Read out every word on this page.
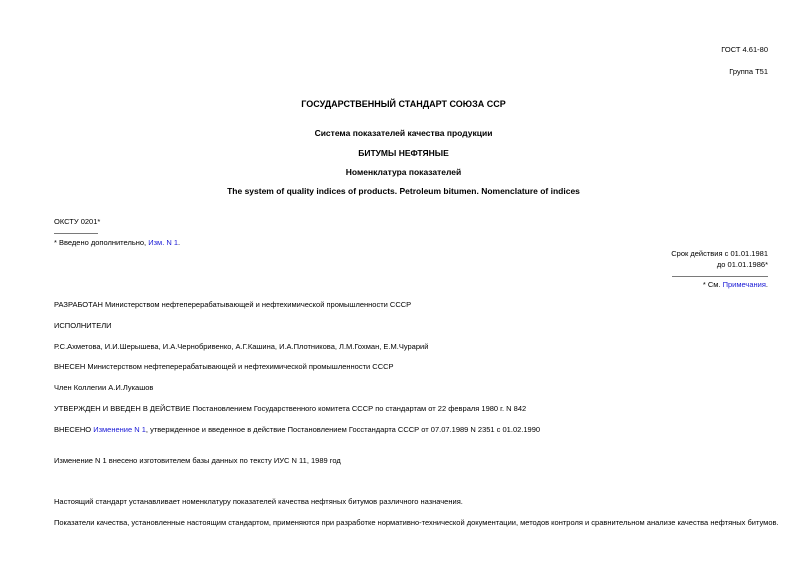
ГОСТ 4.61-80
Группа Т51
ГОСУДАРСТВЕННЫЙ СТАНДАРТ СОЮЗА ССР
Система показателей качества продукции
БИТУМЫ НЕФТЯНЫЕ
Номенклатура показателей
The system of quality indices of products. Petroleum bitumen. Nomenclature of indices
ОКСТУ 0201*
* Введено дополнительно, Изм. N 1.
Срок действия с 01.01.1981
до 01.01.1986*
* См. Примечания.
РАЗРАБОТАН Министерством нефтеперерабатывающей и нефтехимической промышленности СССР
ИСПОЛНИТЕЛИ
Р.С.Ахметова, И.И.Шерышева, И.А.Чернобривенко, А.Г.Кашина, И.А.Плотникова, Л.М.Гохман, Е.М.Чурарий
ВНЕСЕН Министерством нефтеперерабатывающей и нефтехимической промышленности СССР
Член Коллегии А.И.Лукашов
УТВЕРЖДЕН И ВВЕДЕН В ДЕЙСТВИЕ Постановлением Государственного комитета СССР по стандартам от 22 февраля 1980 г. N 842
ВНЕСЕНО Изменение N 1, утвержденное и введенное в действие Постановлением Госстандарта СССР от 07.07.1989 N 2351 с 01.02.1990
Изменение N 1 внесено изготовителем базы данных по тексту ИУС N 11, 1989 год
Настоящий стандарт устанавливает номенклатуру показателей качества нефтяных битумов различного назначения.
Показатели качества, установленные настоящим стандартом, применяются при разработке нормативно-технической документации, методов контроля и сравнительном анализе качества нефтяных битумов.
